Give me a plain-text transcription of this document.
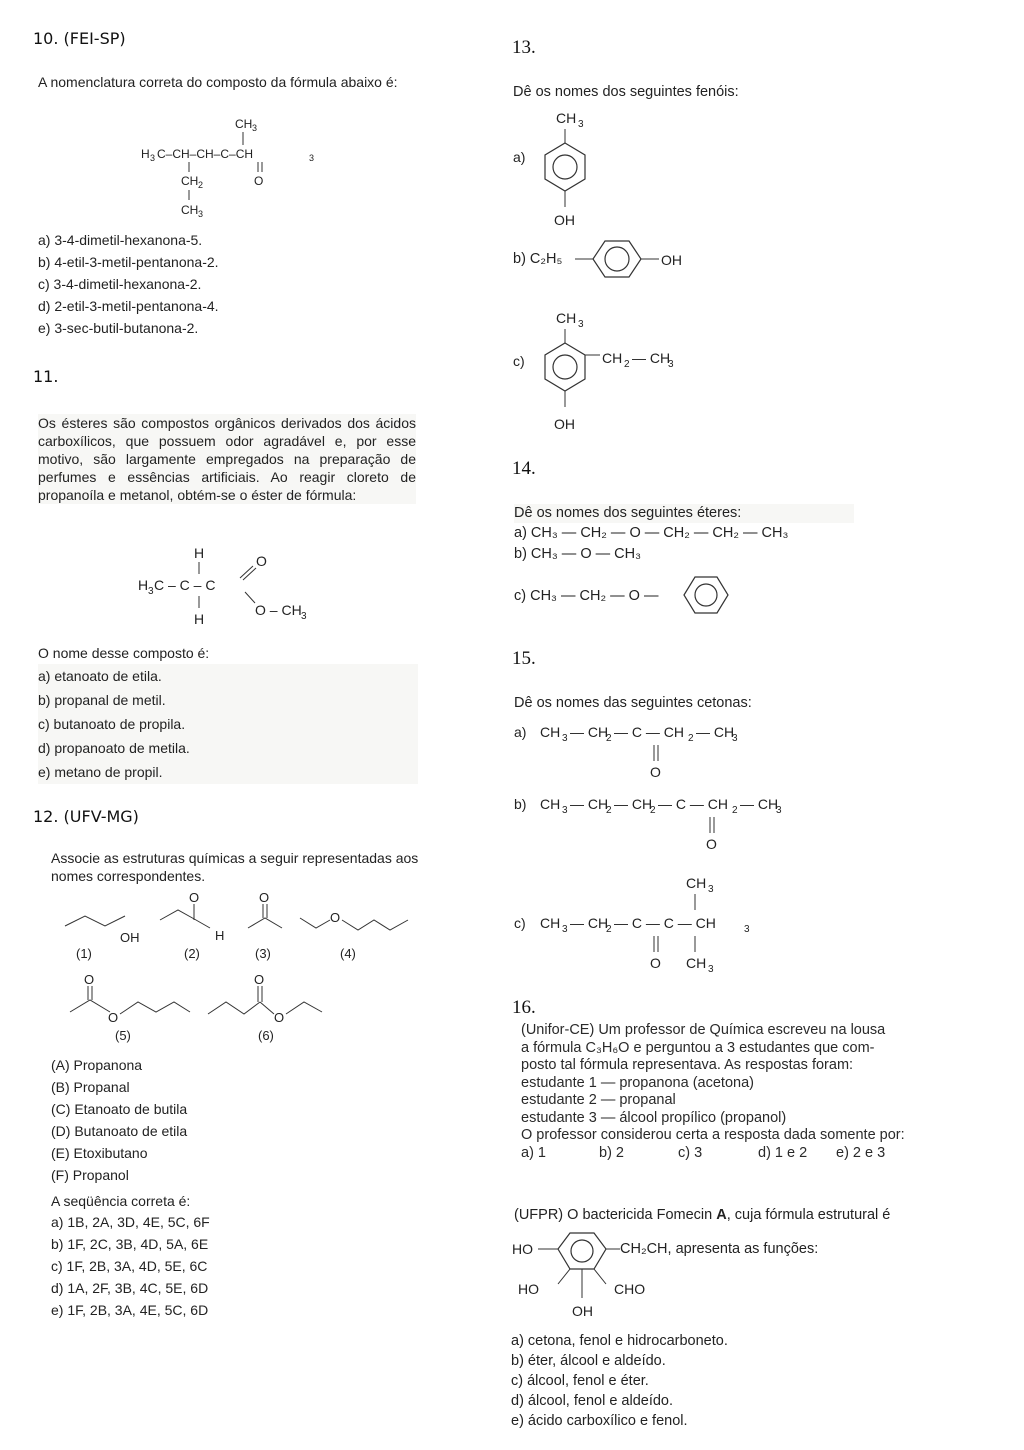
10. (FEI-SP)
A nomenclatura correta do composto da fórmula abaixo é:
CH 3
H 3 C–CH–CH–C–CH	3
CH 2	O
CH 3
a) 3-4-dimetil-hexanona-5.
b) 4-etil-3-metil-pentanona-2.
c) 3-4-dimetil-hexanona-2.
d) 2-etil-3-metil-pentanona-4.
e) 3-sec-butil-butanona-2.
11.
Os ésteres são compostos orgânicos derivados dos ácidos carboxílicos, que possuem odor agradável e, por esse motivo, são largamente empregados na preparação de perfumes e essências artificiais. Ao reagir cloreto de propanoíla e metanol, obtém-se o éster de fórmula:
H
H 3 C – C – C
O
O – CH 3
H
O nome desse composto é:
a) etanoato de etila.
b) propanal de metil.
c) butanoato de propila.
d) propanoato de metila.
e) metano de propil.
12. (UFV-MG)
Associe as estruturas químicas a seguir representadas aos nomes correspondentes.
OH
(1)
O
H
(2)
O
(3)
O
(4)
O
O
(5)
O
O
(6)
(A) Propanona
(B) Propanal
(C) Etanoato de butila
(D) Butanoato de etila
(E) Etoxibutano
(F) Propanol
A seqüência correta é:
a) 1B, 2A, 3D, 4E, 5C, 6F
b) 1F, 2C, 3B, 4D, 5A, 6E
c) 1F, 2B, 3A, 4D, 5E, 6C
d) 1A, 2F, 3B, 4C, 5E, 6D
e) 1F, 2B, 3A, 4E, 5C, 6D
13.
Dê os nomes dos seguintes fenóis:
CH 3
OH
a)
b) C₂H₅	OH
CH 3
CH 2 — CH
3
OH
c)
14.
Dê os nomes dos seguintes éteres:
a) CH₃ — CH₂ — O — CH₂ — CH₂ — CH₃
b) CH₃ — O — CH₃
c) CH₃ — CH₂ — O —
15.
Dê os nomes das seguintes cetonas:
a) CH 3 — CH
2 — C — CH 2 — CH
3
O
b) CH 3 — CH
2 — CH
2 — C — CH 2 — CH
3
O
CH 3
c) CH 3 — CH
2 — C — C — CH	3
O CH 3
16.
(Unifor-CE) Um professor de Química escreveu na lousa
a fórmula C₃H₆O e perguntou a 3 estudantes que com-
posto tal fórmula representava. As respostas foram:
estudante 1 — propanona (acetona)
estudante 2 — propanal
estudante 3 — álcool propílico (propanol)
O professor considerou certa a resposta dada somente por:
a) 1	b) 2	c) 3	d) 1 e 2 e) 2 e 3
(UFPR) O bactericida Fomecin A, cuja fórmula estrutural é
HO
HO	CHO
OH
CH₂CH, apresenta as funções:
a) cetona, fenol e hidrocarboneto.
b) éter, álcool e aldeído.
c) álcool, fenol e éter.
d) álcool, fenol e aldeído.
e) ácido carboxílico e fenol.
